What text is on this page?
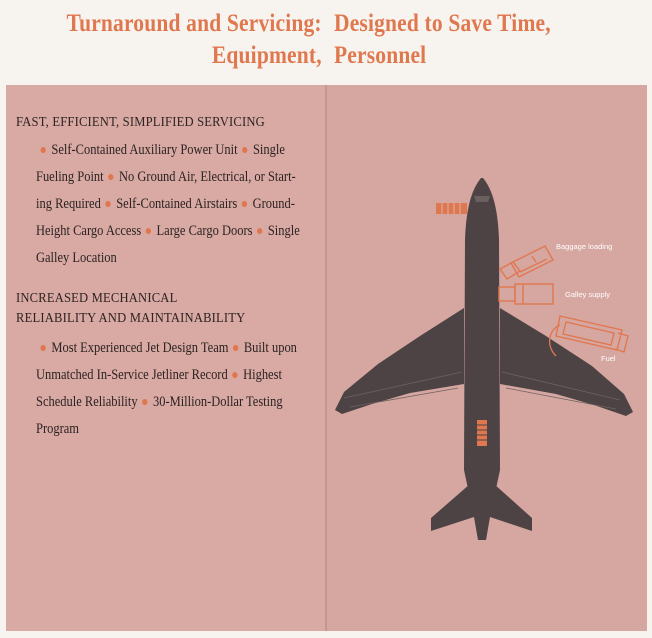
Turnaround and Servicing:
Equipment,
Designed to Save Time,
Personnel
FAST, EFFICIENT, SIMPLIFIED SERVICING
● Self-Contained Auxiliary Power Unit ● Single
Fueling Point ● No Ground Air, Electrical, or Start-
ing Required ● Self-Contained Airstairs ● Ground-
Height Cargo Access ● Large Cargo Doors ● Single
Galley Location
INCREASED MECHANICAL
RELIABILITY AND MAINTAINABILITY
● Most Experienced Jet Design Team ● Built upon
Unmatched In-Service Jetliner Record ● Highest
Schedule Reliability ● 30-Million-Dollar Testing
Program
Baggage loading
Galley supply
Fuel
